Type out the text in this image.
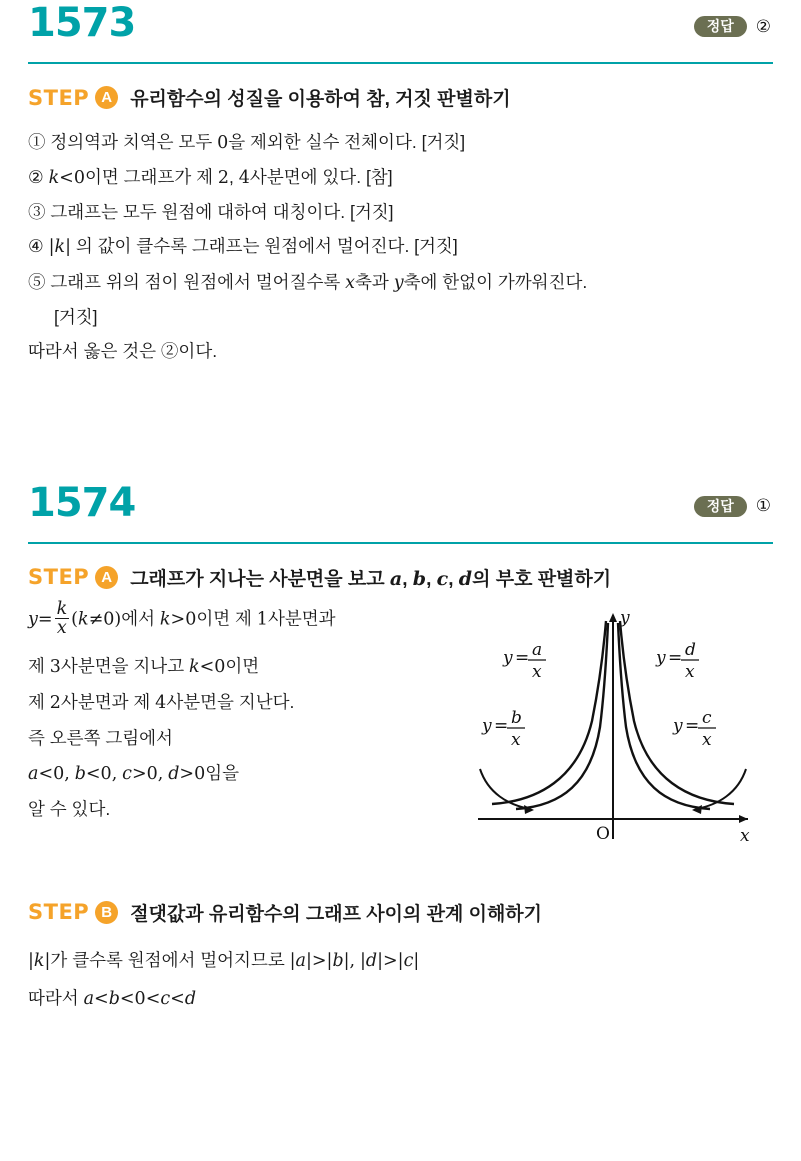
1573	정답	②
STEP A 유리함수의 성질을 이용하여 참, 거짓 판별하기
① 정의역과 치역은 모두 0을 제외한 실수 전체이다. [거짓]
② k<0이면 그래프가 제 2, 4사분면에 있다. [참]
③ 그래프는 모두 원점에 대하여 대칭이다. [거짓]
④ |k| 의 값이 클수록 그래프는 원점에서 멀어진다. [거짓]
⑤ 그래프 위의 점이 원점에서 멀어질수록 x축과 y축에 한없이 가까워진다.
[거짓]
따라서 옳은 것은 ②이다.
1574	정답	①
STEP A 그래프가 지나는 사분면을 보고 a, b, c, d의 부호 판별하기
$y= \frac{k}{x} (k\ne 0)$에서 k>0이면 제 1사분면과
제 3사분면을 지나고 k<0이면
제 2사분면과 제 4사분면을 지난다.
즉 오른쪽 그림에서
a<0, b<0, c>0, d>0임을
알 수 있다.
y
x
O
y = a
x
y = d
x
y = b
x
y = c
x
STEP B 절댓값과 유리함수의 그래프 사이의 관계 이해하기
|k|가 클수록 원점에서 멀어지므로 |a|>|b|, |d|>|c|
따라서 a<b<0<c<d
